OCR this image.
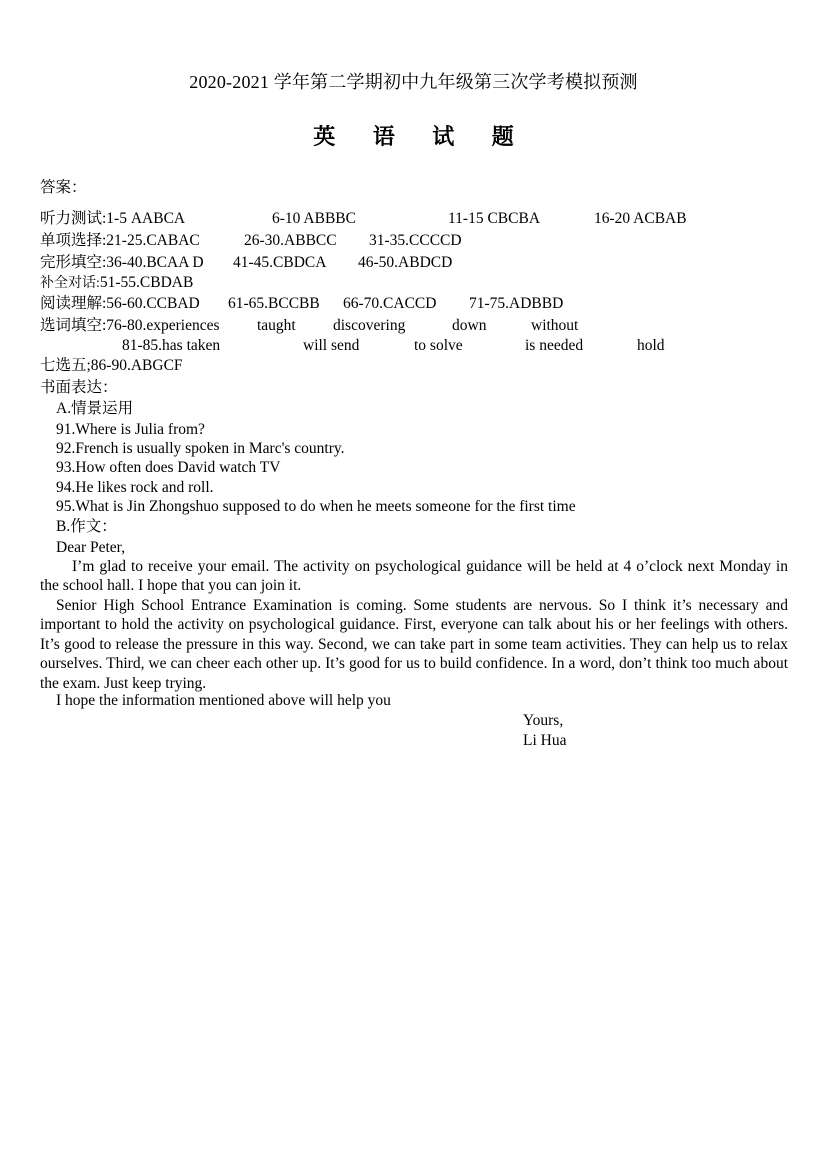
2020-2021 学年第二学期初中九年级第三次学考模拟预测
英 语 试 题
答案：
听力测试:1-5 AABCA	6-10 ABBBC	11-15 CBCBA	16-20 ACBAB
单项选择:21-25.CABAC	26-30.ABBCC 31-35.CCCCD
完形填空:36-40.BCAA D 41-45.CBDCA 46-50.ABDCD
补全对话:51-55.CBDAB
阅读理解:56-60.CCBAD 61-65.BCCBB 66-70.CACCD 71-75.ADBBD
选词填空:76-80.experiences taught discovering	down	without
81-85.has taken	will send	to solve	is needed	hold
七选五;86-90.ABGCF
书面表达：
A.情景运用
91.Where is Julia from?
92.French is usually spoken in Marc's country.
93.How often does David watch TV
94.He likes rock and roll.
95.What is Jin Zhongshuo supposed to do when he meets someone for the first time
B.作文：
Dear Peter,
I’m glad to receive your email. The activity on psychological guidance will be held at 4 o’clock next Monday in the school hall. I hope that you can join it.
Senior High School Entrance Examination is coming. Some students are nervous. So I think it’s necessary and important to hold the activity on psychological guidance. First, everyone can talk about his or her feelings with others. It’s good to release the pressure in this way. Second, we can take part in some team activities. They can help us to relax ourselves. Third, we can cheer each other up. It’s good for us to build confidence. In a word, don’t think too much about the exam. Just keep trying.
I hope the information mentioned above will help you
Yours,
Li Hua
